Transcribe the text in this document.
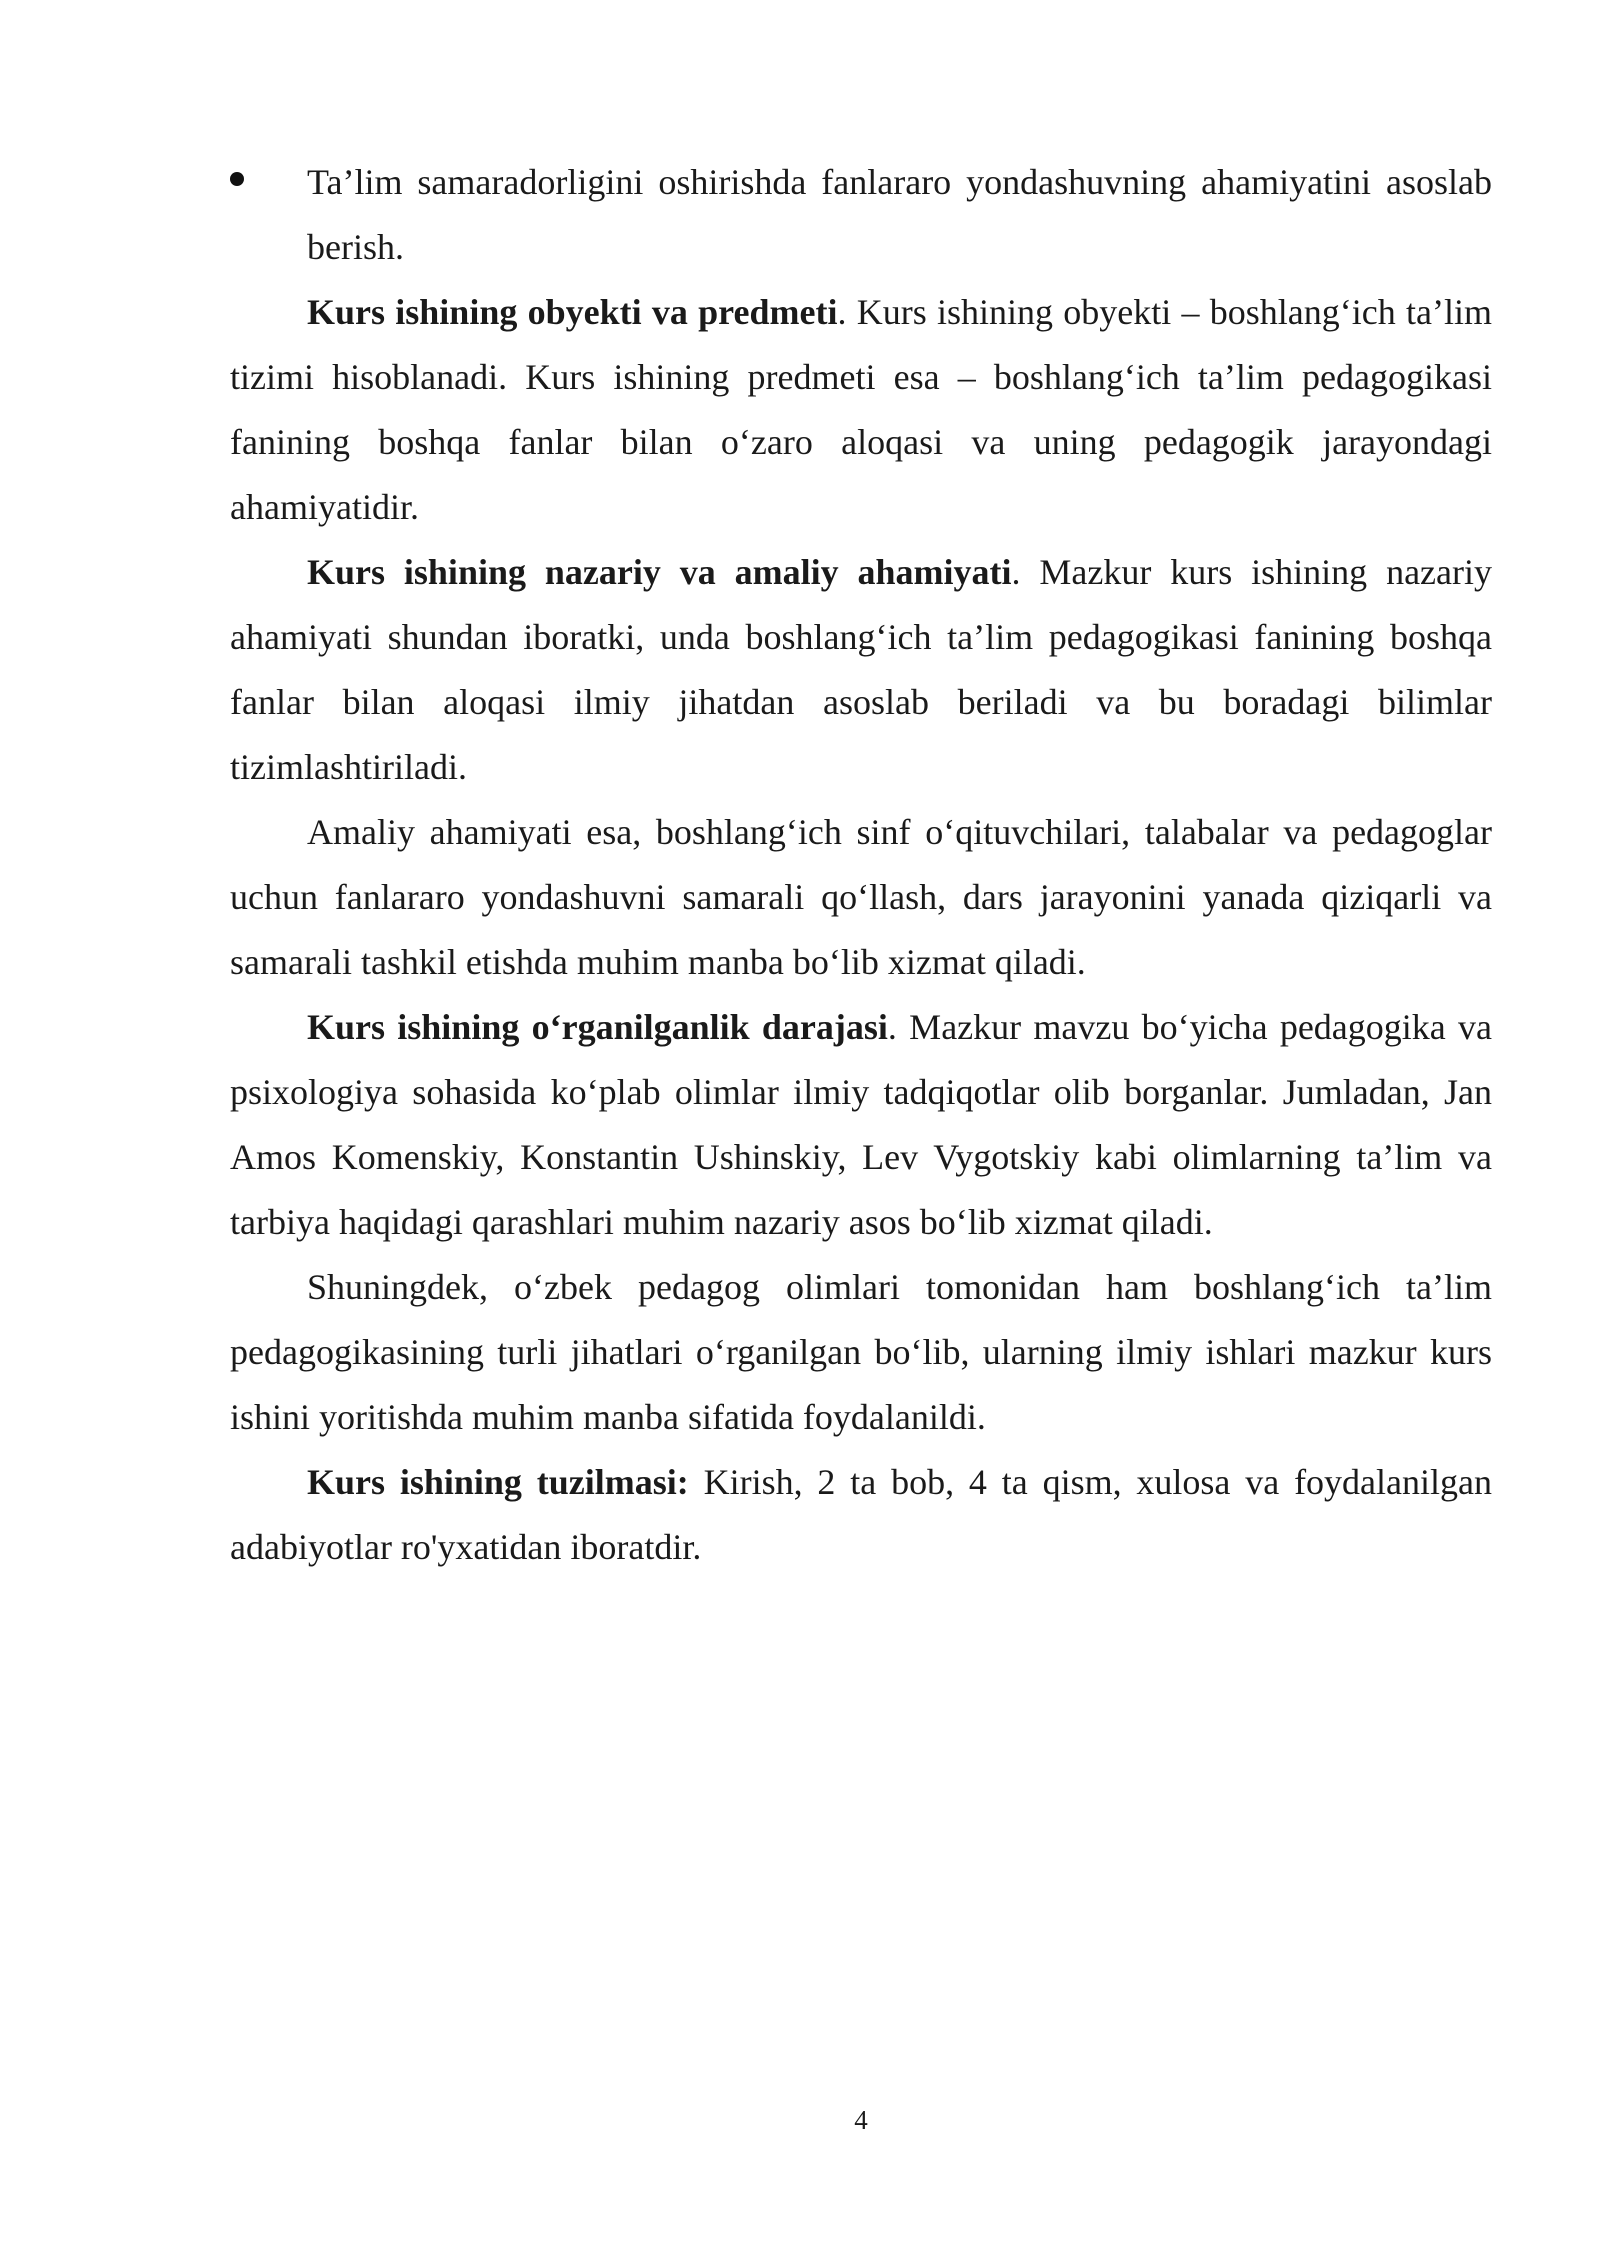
Ta’lim samaradorligini oshirishda fanlararo yondashuvning ahamiyatini asoslab berish.

Kurs ishining obyekti va predmeti. Kurs ishining obyekti – boshlang‘ich ta’lim tizimi hisoblanadi. Kurs ishining predmeti esa – boshlang‘ich ta’lim pedagogikasi fanining boshqa fanlar bilan o‘zaro aloqasi va uning pedagogik jarayondagi ahamiyatidir.

Kurs ishining nazariy va amaliy ahamiyati. Mazkur kurs ishining nazariy ahamiyati shundan iboratki, unda boshlang‘ich ta’lim pedagogikasi fanining boshqa fanlar bilan aloqasi ilmiy jihatdan asoslab beriladi va bu boradagi bilimlar tizimlashtiriladi.

Amaliy ahamiyati esa, boshlang‘ich sinf o‘qituvchilari, talabalar va pedagoglar uchun fanlararo yondashuvni samarali qo‘llash, dars jarayonini yanada qiziqarli va samarali tashkil etishda muhim manba bo‘lib xizmat qiladi.

Kurs ishining o‘rganilganlik darajasi. Mazkur mavzu bo‘yicha pedagogika va psixologiya sohasida ko‘plab olimlar ilmiy tadqiqotlar olib borganlar. Jumladan, Jan Amos Komenskiy, Konstantin Ushinskiy, Lev Vygotskiy kabi olimlarning ta’lim va tarbiya haqidagi qarashlari muhim nazariy asos bo‘lib xizmat qiladi.

Shuningdek, o‘zbek pedagog olimlari tomonidan ham boshlang‘ich ta’lim pedagogikasining turli jihatlari o‘rganilgan bo‘lib, ularning ilmiy ishlari mazkur kurs ishini yoritishda muhim manba sifatida foydalanildi.

Kurs ishining tuzilmasi: Kirish, 2 ta bob, 4 ta qism, xulosa va foydalanilgan adabiyotlar ro'yxatidan iboratdir.

4
